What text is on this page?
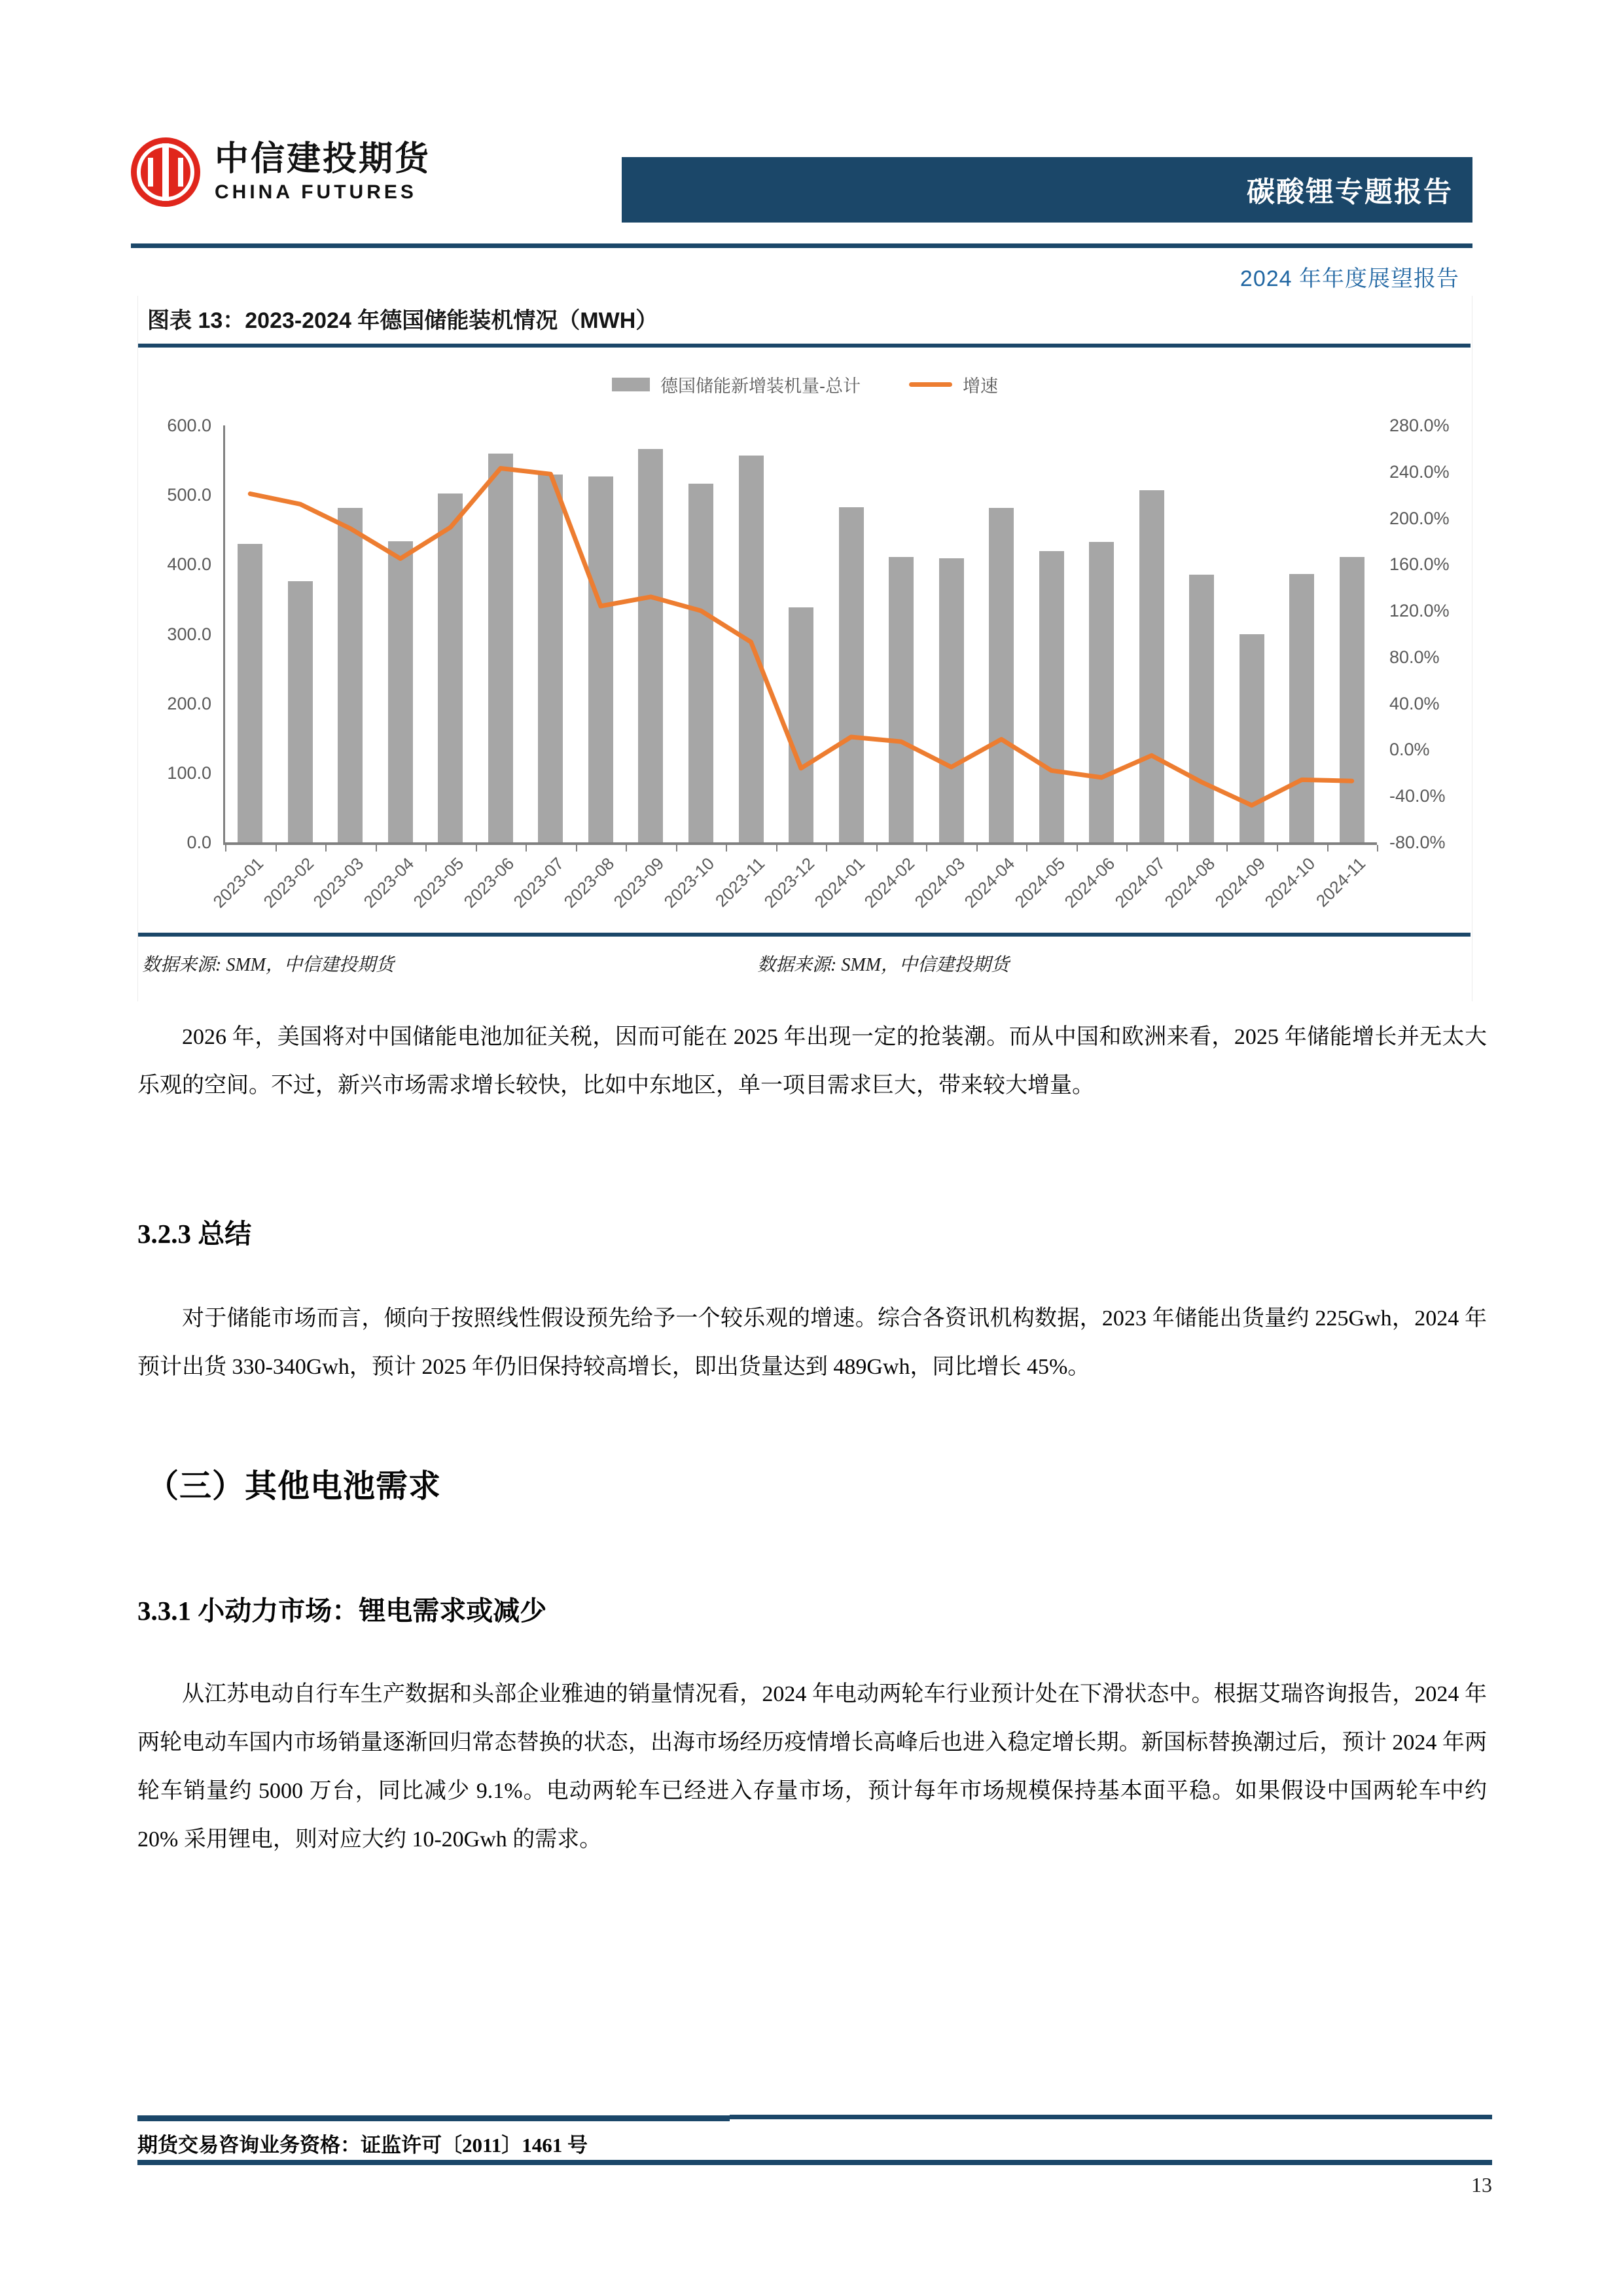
中信建投期货
CHINA FUTURES	碳酸锂专题报告
2024 年年度展望报告
图表 13：2023-2024 年德国储能装机情况（MWH）
德国储能新增装机量-总计	增速
0.0
100.0
200.0
300.0
400.0
500.0
600.0
-80.0%
-40.0%
0.0%
40.0%
80.0%
120.0%
160.0%
200.0%
240.0%
280.0%
2023-01
2023-02
2023-03
2023-04
2023-05
2023-06
2023-07
2023-08
2023-09
2023-10
2023-11
2023-12
2024-01
2024-02
2024-03
2024-04
2024-05
2024-06
2024-07
2024-08
2024-09
2024-10
2024-11
数据来源: SMM，中信建投期货	数据来源: SMM，中信建投期货
2026 年，美国将对中国储能电池加征关税，因而可能在 2025 年出现一定的抢装潮。而从中国和欧洲来看，2025 年储能增长并无太大乐观的空间。不过，新兴市场需求增长较快，比如中东地区，单一项目需求巨大，带来较大增量。
3.2.3 总结
对于储能市场而言，倾向于按照线性假设预先给予一个较乐观的增速。综合各资讯机构数据，2023 年储能出货量约 225Gwh，2024 年预计出货 330-340Gwh，预计 2025 年仍旧保持较高增长，即出货量达到 489Gwh，同比增长 45%。
（三）其他电池需求
3.3.1 小动力市场：锂电需求或减少
从江苏电动自行车生产数据和头部企业雅迪的销量情况看，2024 年电动两轮车行业预计处在下滑状态中。根据艾瑞咨询报告，2024 年两轮电动车国内市场销量逐渐回归常态替换的状态，出海市场经历疫情增长高峰后也进入稳定增长期。新国标替换潮过后，预计 2024 年两轮车销量约 5000 万台，同比减少 9.1%。电动两轮车已经进入存量市场，预计每年市场规模保持基本面平稳。如果假设中国两轮车中约 20% 采用锂电，则对应大约 10-20Gwh 的需求。
期货交易咨询业务资格：证监许可〔2011〕1461 号
13
